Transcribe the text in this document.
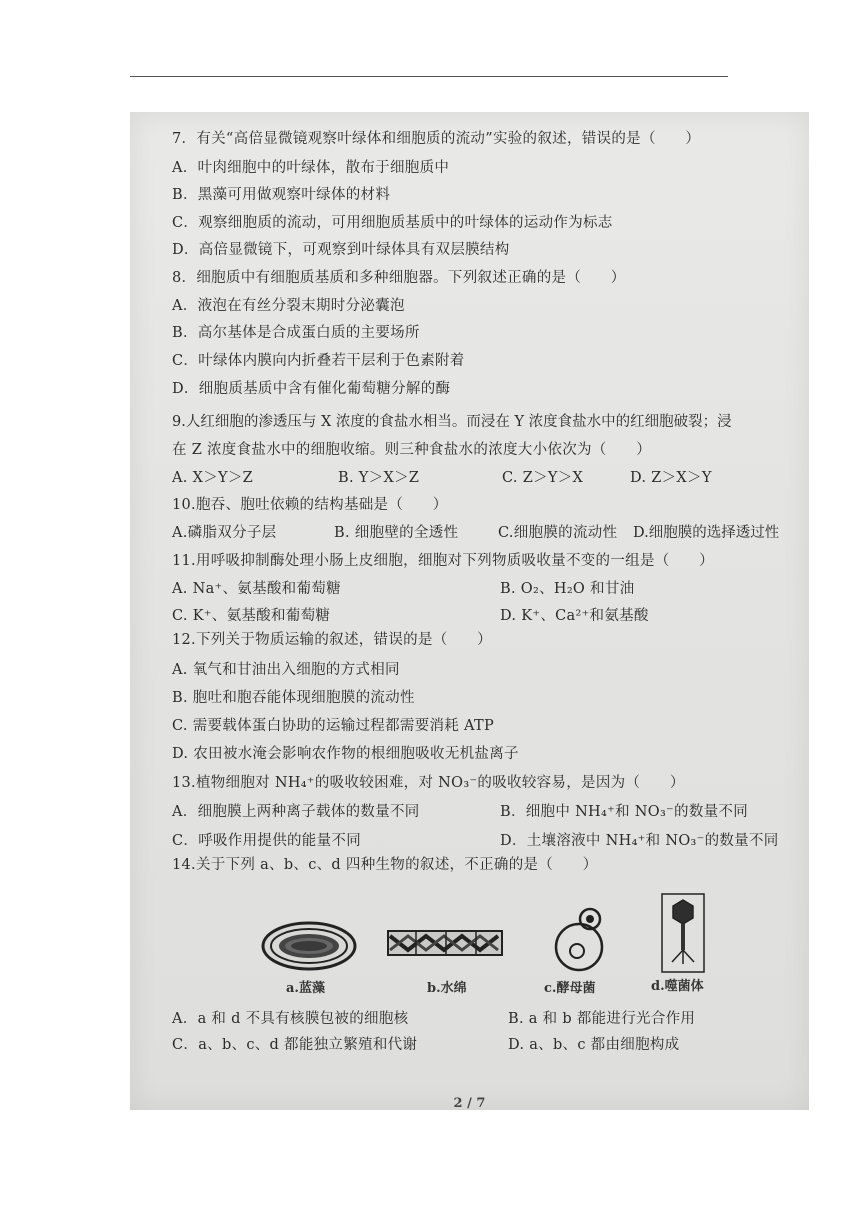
7．有关“高倍显微镜观察叶绿体和细胞质的流动”实验的叙述，错误的是（　　）
A．叶肉细胞中的叶绿体，散布于细胞质中
B．黑藻可用做观察叶绿体的材料
C．观察细胞质的流动，可用细胞质基质中的叶绿体的运动作为标志
D．高倍显微镜下，可观察到叶绿体具有双层膜结构
8．细胞质中有细胞质基质和多种细胞器。下列叙述正确的是（　　）
A．液泡在有丝分裂末期时分泌囊泡
B．高尔基体是合成蛋白质的主要场所
C．叶绿体内膜向内折叠若干层利于色素附着
D．细胞质基质中含有催化葡萄糖分解的酶
9.人红细胞的渗透压与 X 浓度的食盐水相当。而浸在 Y 浓度食盐水中的红细胞破裂；浸
在 Z 浓度食盐水中的细胞收缩。则三种食盐水的浓度大小依次为（　　）
A. X＞Y＞Z	B. Y＞X＞Z	C. Z＞Y＞X	D. Z＞X＞Y
10.胞吞、胞吐依赖的结构基础是（　　）
A.磷脂双分子层	B. 细胞壁的全透性	C.细胞膜的流动性 D.细胞膜的选择透过性
11.用呼吸抑制酶处理小肠上皮细胞，细胞对下列物质吸收量不变的一组是（　　）
A. Na⁺、氨基酸和葡萄糖	B. O₂、H₂O 和甘油
C. K⁺、氨基酸和葡萄糖	D. K⁺、Ca²⁺和氨基酸
12.下列关于物质运输的叙述，错误的是（　　）
A. 氧气和甘油出入细胞的方式相同
B. 胞吐和胞吞能体现细胞膜的流动性
C. 需要载体蛋白协助的运输过程都需要消耗 ATP
D. 农田被水淹会影响农作物的根细胞吸收无机盐离子
13.植物细胞对 NH₄⁺的吸收较困难，对 NO₃⁻的吸收较容易，是因为（　　）
A．细胞膜上两种离子载体的数量不同	B．细胞中 NH₄⁺和 NO₃⁻的数量不同
C．呼吸作用提供的能量不同	D．土壤溶液中 NH₄⁺和 NO₃⁻的数量不同
14.关于下列 a、b、c、d 四种生物的叙述，不正确的是（　　）
a.蓝藻	b.水绵	c.酵母菌	d.噬菌体
A．a 和 d 不具有核膜包被的细胞核	B. a 和 b 都能进行光合作用
C．a、b、c、d 都能独立繁殖和代谢	D. a、b、c 都由细胞构成
2 / 7
